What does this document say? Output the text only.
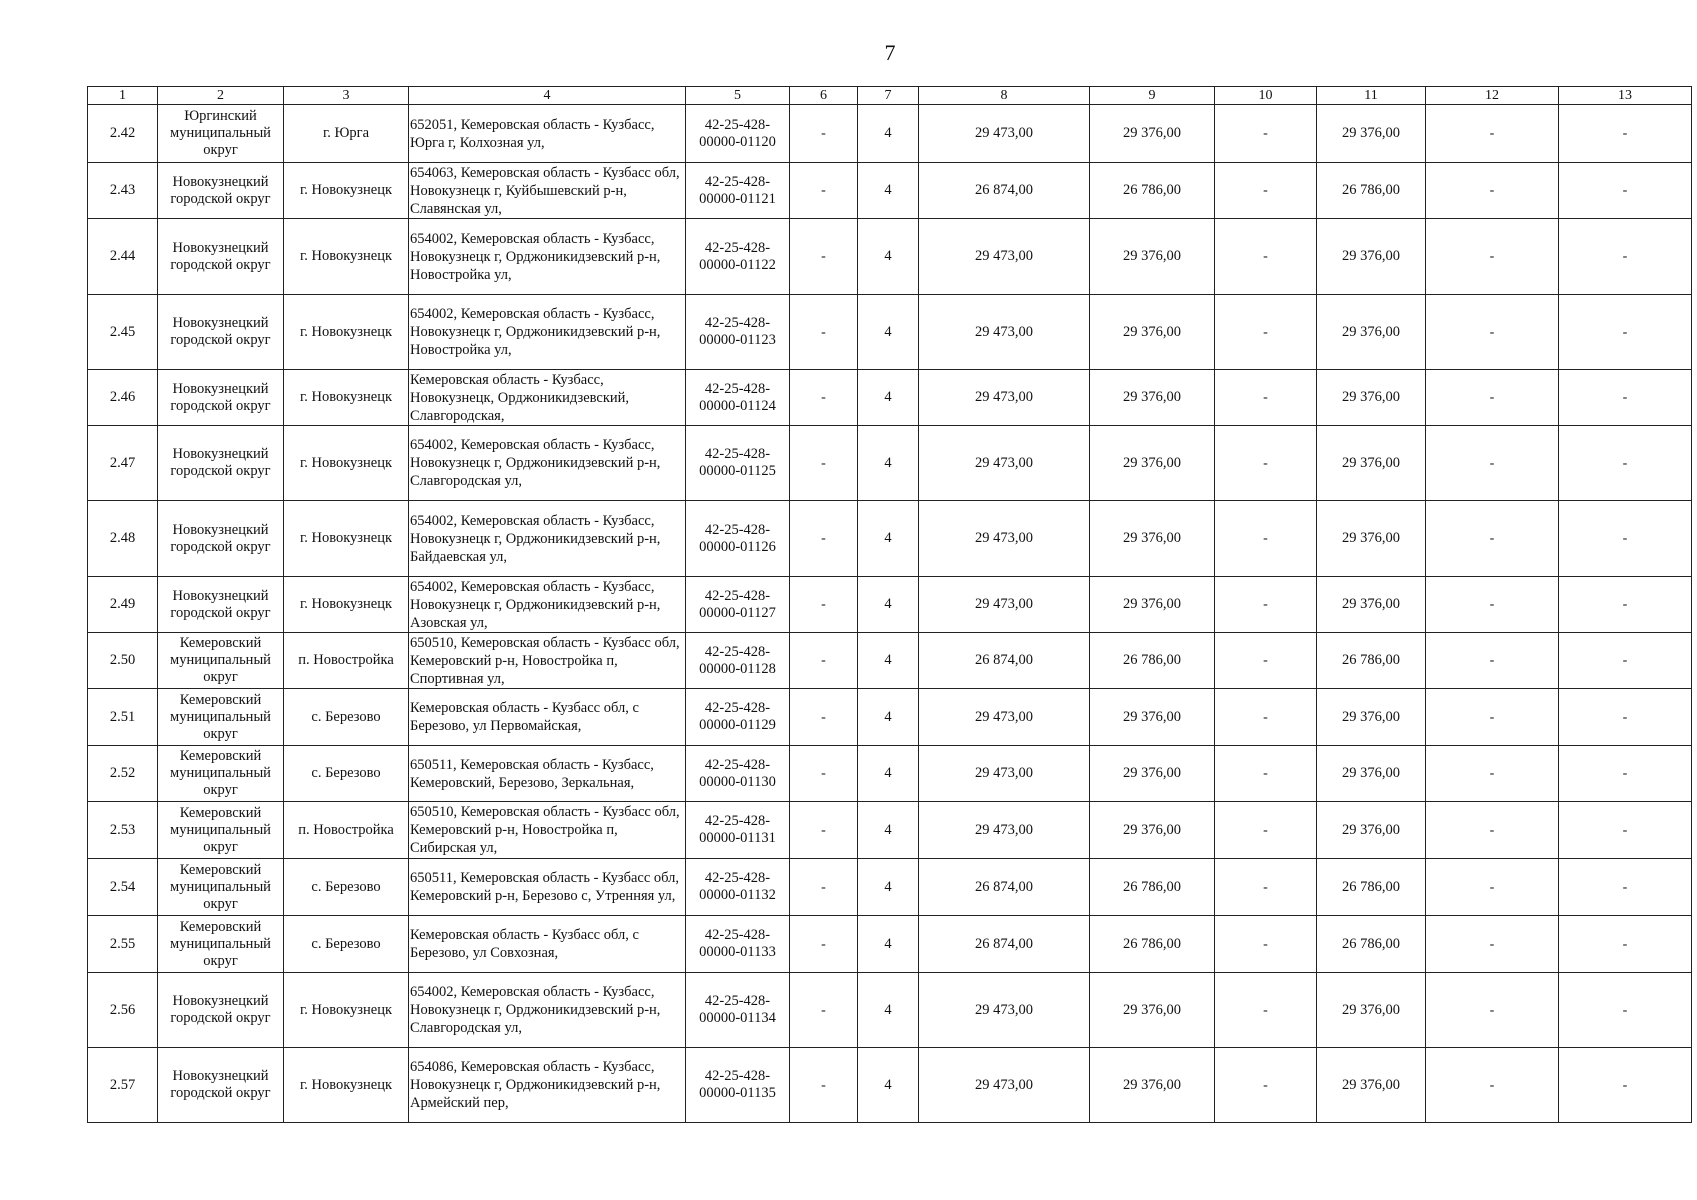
7
1	2	3	4	5	6	7	8	9	10	11	12	13
2.42	Юргинский муниципальный округ	г. Юрга	652051, Кемеровская область - Кузбасс, Юрга г, Колхозная ул,	42-25-428-00000-01120	-	4	29 473,00	29 376,00	-	29 376,00	-	-
2.43	Новокузнецкий городской округ	г. Новокузнецк	654063, Кемеровская область - Кузбасс обл, Новокузнецк г, Куйбышевский р-н, Славянская ул,	42-25-428-00000-01121	-	4	26 874,00	26 786,00	-	26 786,00	-	-
2.44	Новокузнецкий городской округ	г. Новокузнецк	654002, Кемеровская область - Кузбасс, Новокузнецк г, Орджоникидзевский р-н, Новостройка ул,	42-25-428-00000-01122	-	4	29 473,00	29 376,00	-	29 376,00	-	-
2.45	Новокузнецкий городской округ	г. Новокузнецк	654002, Кемеровская область - Кузбасс, Новокузнецк г, Орджоникидзевский р-н, Новостройка ул,	42-25-428-00000-01123	-	4	29 473,00	29 376,00	-	29 376,00	-	-
2.46	Новокузнецкий городской округ	г. Новокузнецк	Кемеровская область - Кузбасс, Новокузнецк, Орджоникидзевский, Славгородская,	42-25-428-00000-01124	-	4	29 473,00	29 376,00	-	29 376,00	-	-
2.47	Новокузнецкий городской округ	г. Новокузнецк	654002, Кемеровская область - Кузбасс, Новокузнецк г, Орджоникидзевский р-н, Славгородская ул,	42-25-428-00000-01125	-	4	29 473,00	29 376,00	-	29 376,00	-	-
2.48	Новокузнецкий городской округ	г. Новокузнецк	654002, Кемеровская область - Кузбасс, Новокузнецк г, Орджоникидзевский р-н, Байдаевская ул,	42-25-428-00000-01126	-	4	29 473,00	29 376,00	-	29 376,00	-	-
2.49	Новокузнецкий городской округ	г. Новокузнецк	654002, Кемеровская область - Кузбасс, Новокузнецк г, Орджоникидзевский р-н, Азовская ул,	42-25-428-00000-01127	-	4	29 473,00	29 376,00	-	29 376,00	-	-
2.50	Кемеровский муниципальный округ	п. Новостройка	650510, Кемеровская область - Кузбасс обл, Кемеровский р-н, Новостройка п, Спортивная ул,	42-25-428-00000-01128	-	4	26 874,00	26 786,00	-	26 786,00	-	-
2.51	Кемеровский муниципальный округ	с. Березово	Кемеровская область - Кузбасс обл, с Березово, ул Первомайская,	42-25-428-00000-01129	-	4	29 473,00	29 376,00	-	29 376,00	-	-
2.52	Кемеровский муниципальный округ	с. Березово	650511, Кемеровская область - Кузбасс, Кемеровский, Березово, Зеркальная,	42-25-428-00000-01130	-	4	29 473,00	29 376,00	-	29 376,00	-	-
2.53	Кемеровский муниципальный округ	п. Новостройка	650510, Кемеровская область - Кузбасс обл, Кемеровский р-н, Новостройка п, Сибирская ул,	42-25-428-00000-01131	-	4	29 473,00	29 376,00	-	29 376,00	-	-
2.54	Кемеровский муниципальный округ	с. Березово	650511, Кемеровская область - Кузбасс обл, Кемеровский р-н, Березово с, Утренняя ул,	42-25-428-00000-01132	-	4	26 874,00	26 786,00	-	26 786,00	-	-
2.55	Кемеровский муниципальный округ	с. Березово	Кемеровская область - Кузбасс обл, с Березово, ул Совхозная,	42-25-428-00000-01133	-	4	26 874,00	26 786,00	-	26 786,00	-	-
2.56	Новокузнецкий городской округ	г. Новокузнецк	654002, Кемеровская область - Кузбасс, Новокузнецк г, Орджоникидзевский р-н, Славгородская ул,	42-25-428-00000-01134	-	4	29 473,00	29 376,00	-	29 376,00	-	-
2.57	Новокузнецкий городской округ	г. Новокузнецк	654086, Кемеровская область - Кузбасс, Новокузнецк г, Орджоникидзевский р-н, Армейский пер,	42-25-428-00000-01135	-	4	29 473,00	29 376,00	-	29 376,00	-	-
